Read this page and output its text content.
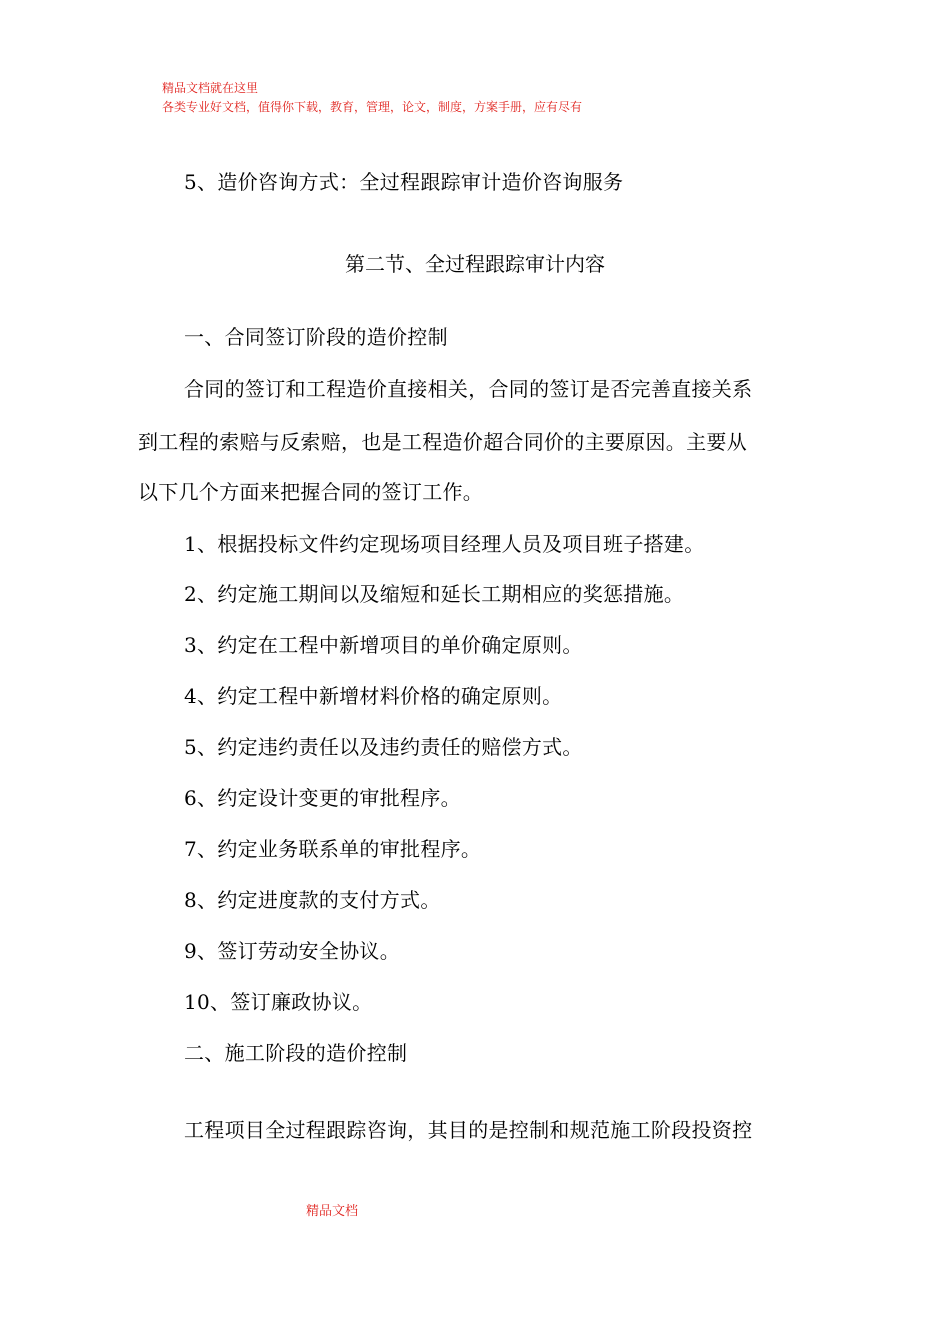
精品文档就在这里
各类专业好文档，值得你下载，教育，管理，论文，制度，方案手册，应有尽有
5、造价咨询方式：全过程跟踪审计造价咨询服务
第二节、全过程跟踪审计内容
一、合同签订阶段的造价控制
合同的签订和工程造价直接相关，合同的签订是否完善直接关系
到工程的索赔与反索赔，也是工程造价超合同价的主要原因。主要从
以下几个方面来把握合同的签订工作。
1、根据投标文件约定现场项目经理人员及项目班子搭建。
2、约定施工期间以及缩短和延长工期相应的奖惩措施。
3、约定在工程中新增项目的单价确定原则。
4、约定工程中新增材料价格的确定原则。
5、约定违约责任以及违约责任的赔偿方式。
6、约定设计变更的审批程序。
7、约定业务联系单的审批程序。
8、约定进度款的支付方式。
9、签订劳动安全协议。
10、签订廉政协议。
二、施工阶段的造价控制
工程项目全过程跟踪咨询，其目的是控制和规范施工阶段投资控
精品文档
